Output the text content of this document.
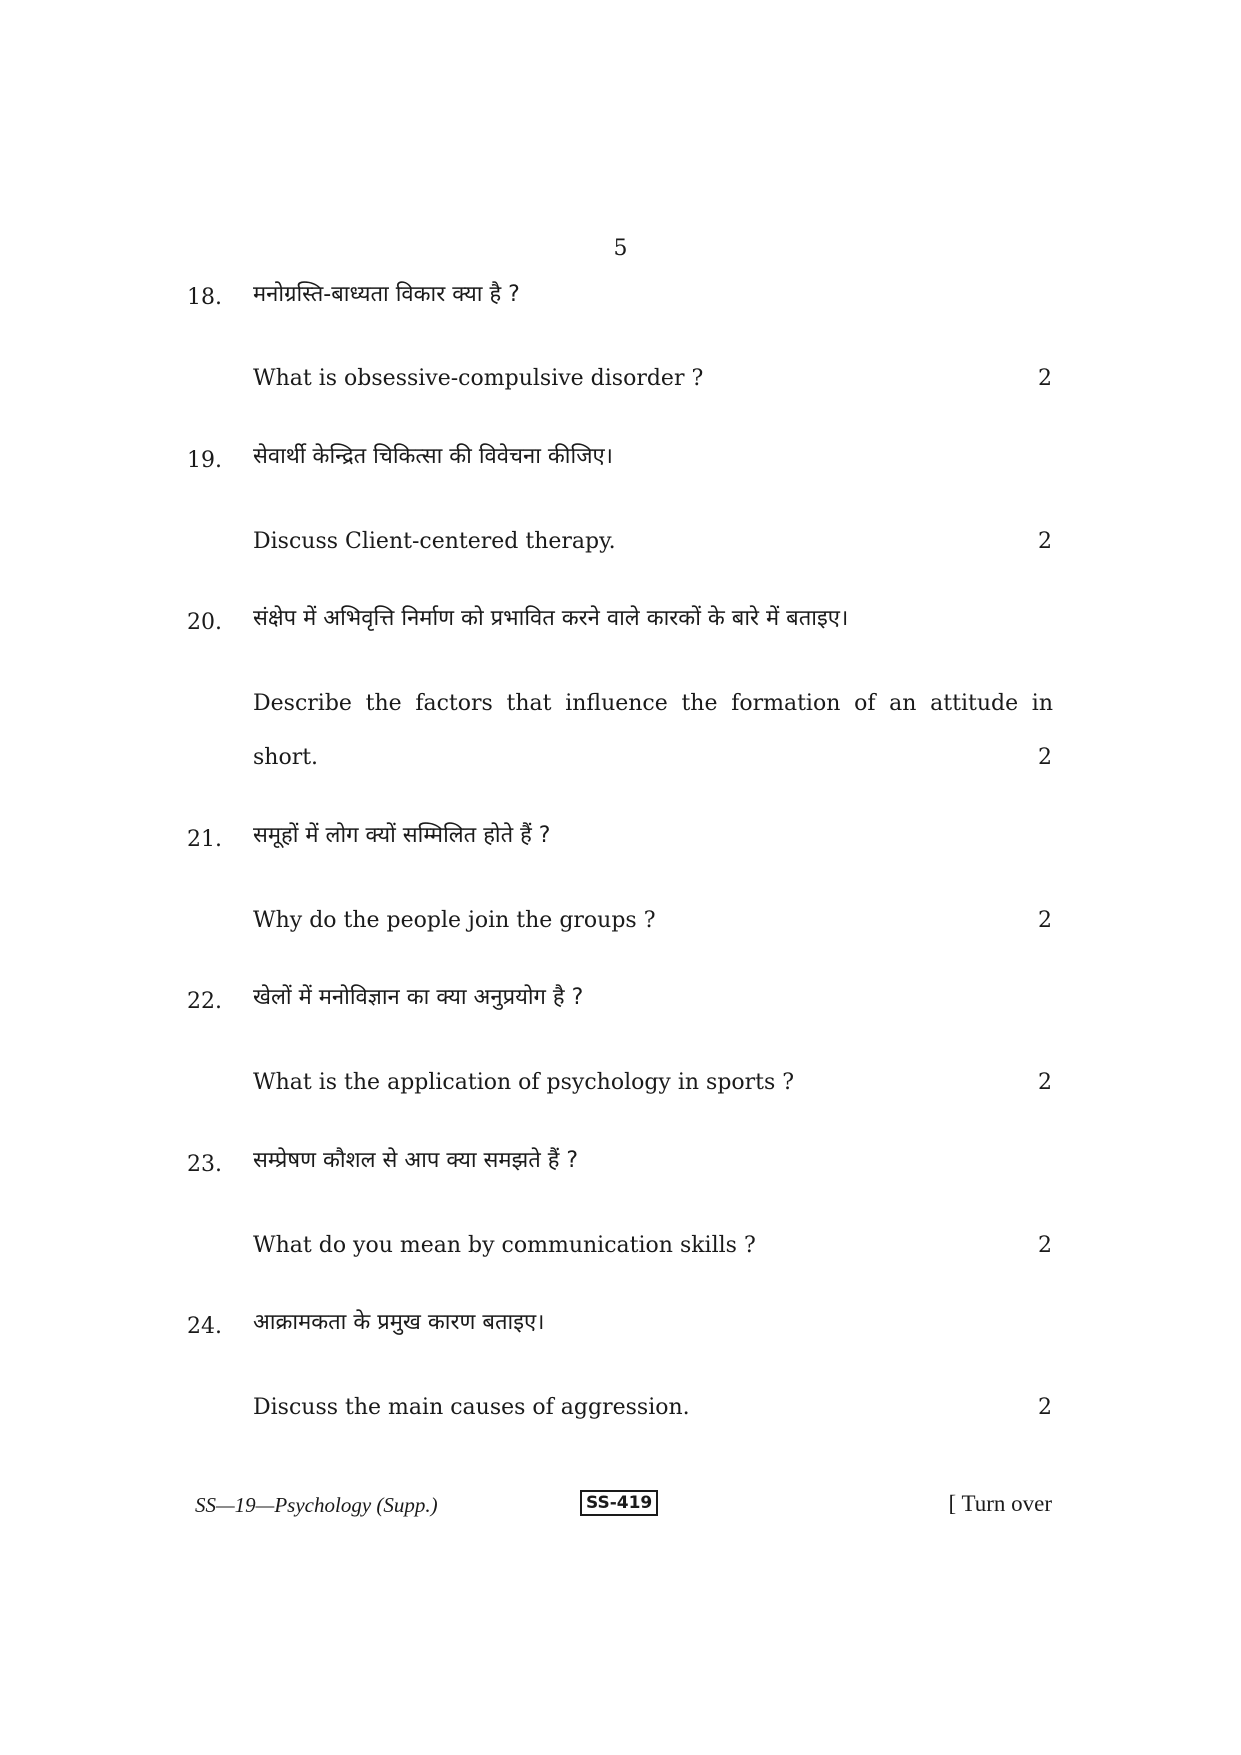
5
18. मनोग्रस्ति-बाध्यता विकार क्या है ?
What is obsessive-compulsive disorder ?	2
19. सेवार्थी केन्द्रित चिकित्सा की विवेचना कीजिए।
Discuss Client-centered therapy.	2
20. संक्षेप में अभिवृत्ति निर्माण को प्रभावित करने वाले कारकों के बारे में बताइए।
Describe the factors that influence the formation of an attitude in
short.	2
21. समूहों में लोग क्यों सम्मिलित होते हैं ?
Why do the people join the groups ?	2
22. खेलों में मनोविज्ञान का क्या अनुप्रयोग है ?
What is the application of psychology in sports ?	2
23. सम्प्रेषण कौशल से आप क्या समझते हैं ?
What do you mean by communication skills ?	2
24. आक्रामकता के प्रमुख कारण बताइए।
Discuss the main causes of aggression.	2
SS—19—Psychology (Supp.)	SS-419	[ Turn over
